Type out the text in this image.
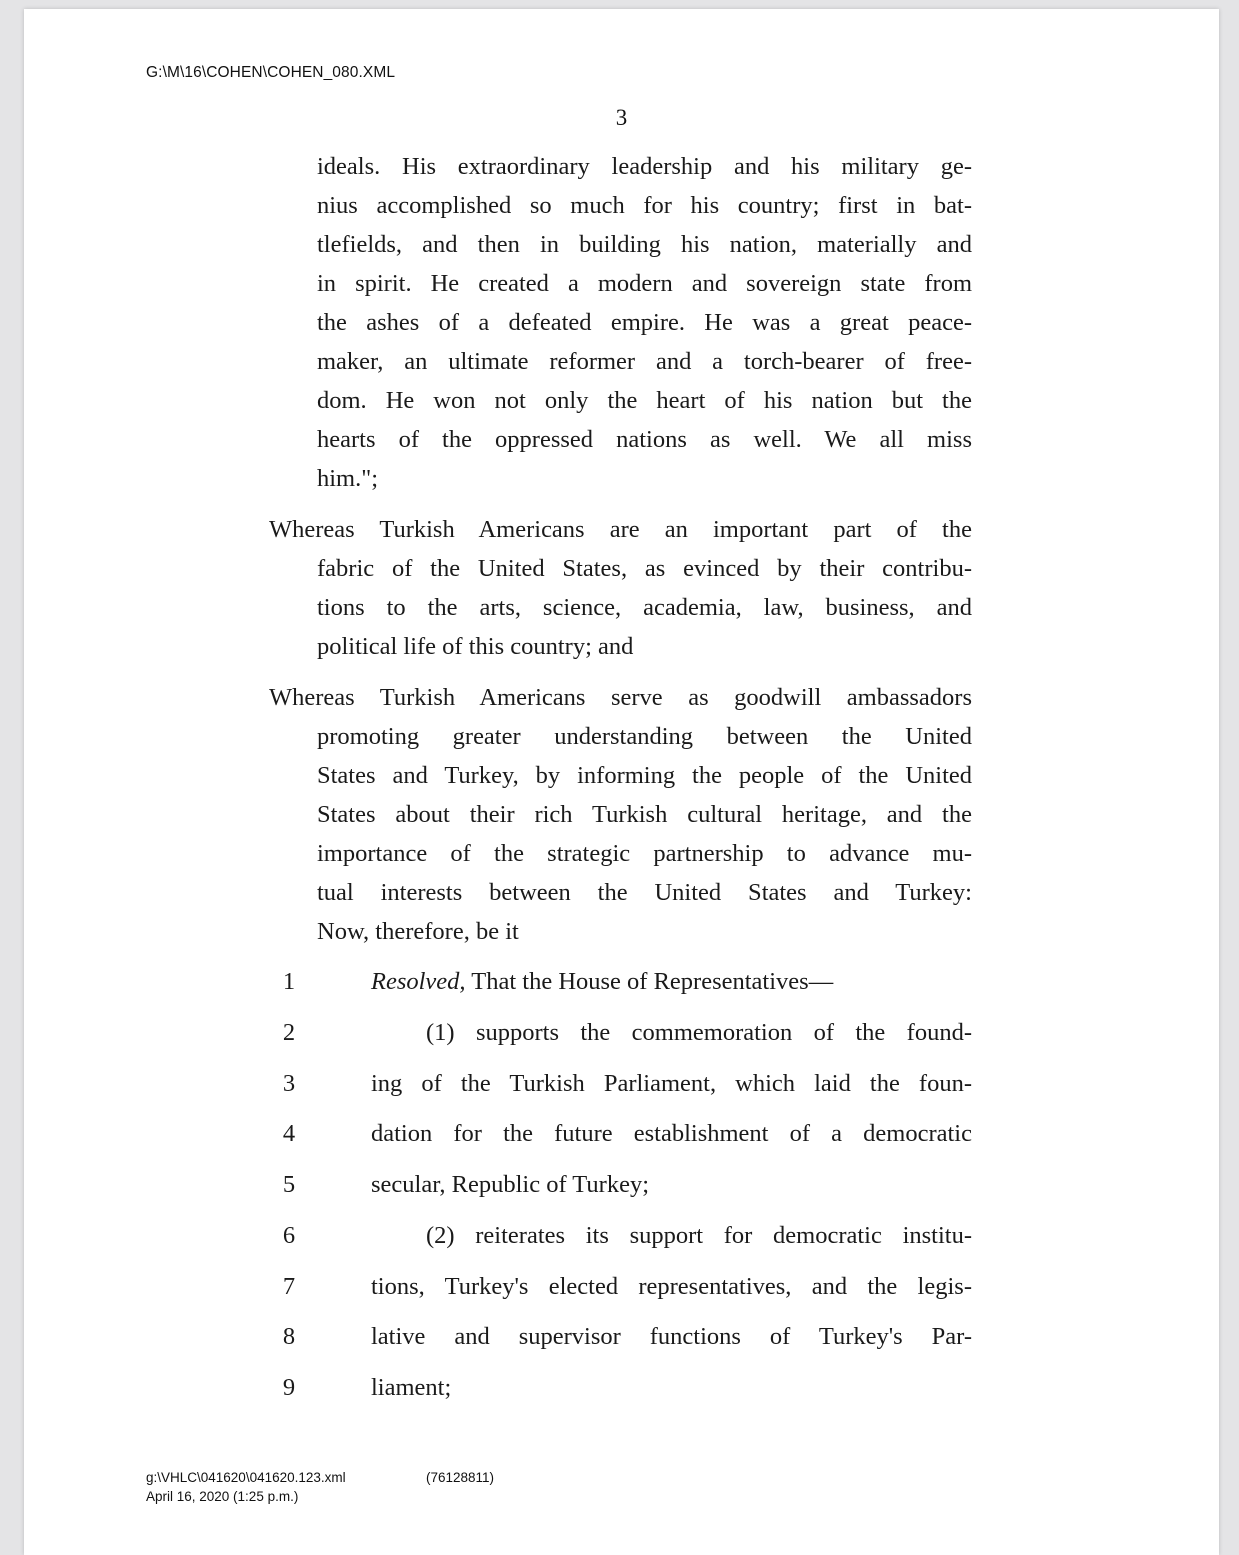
G:\M\16\COHEN\COHEN_080.XML
3
ideals. His extraordinary leadership and his military ge-
nius accomplished so much for his country; first in bat-
tlefields, and then in building his nation, materially and
in spirit. He created a modern and sovereign state from
the ashes of a defeated empire. He was a great peace-
maker, an ultimate reformer and a torch-bearer of free-
dom. He won not only the heart of his nation but the
hearts of the oppressed nations as well. We all miss
him.";
Whereas Turkish Americans are an important part of the
fabric of the United States, as evinced by their contribu-
tions to the arts, science, academia, law, business, and
political life of this country; and
Whereas Turkish Americans serve as goodwill ambassadors
promoting greater understanding between the United
States and Turkey, by informing the people of the United
States about their rich Turkish cultural heritage, and the
importance of the strategic partnership to advance mu-
tual interests between the United States and Turkey:
Now, therefore, be it
1	Resolved, That the House of Representatives—
2	(1) supports the commemoration of the found-
3	ing of the Turkish Parliament, which laid the foun-
4	dation for the future establishment of a democratic
5	secular, Republic of Turkey;
6	(2) reiterates its support for democratic institu-
7	tions, Turkey's elected representatives, and the legis-
8	lative and supervisor functions of Turkey's Par-
9	liament;
g:\VHLC\041620\041620.123.xml	(76128811)
April 16, 2020 (1:25 p.m.)
